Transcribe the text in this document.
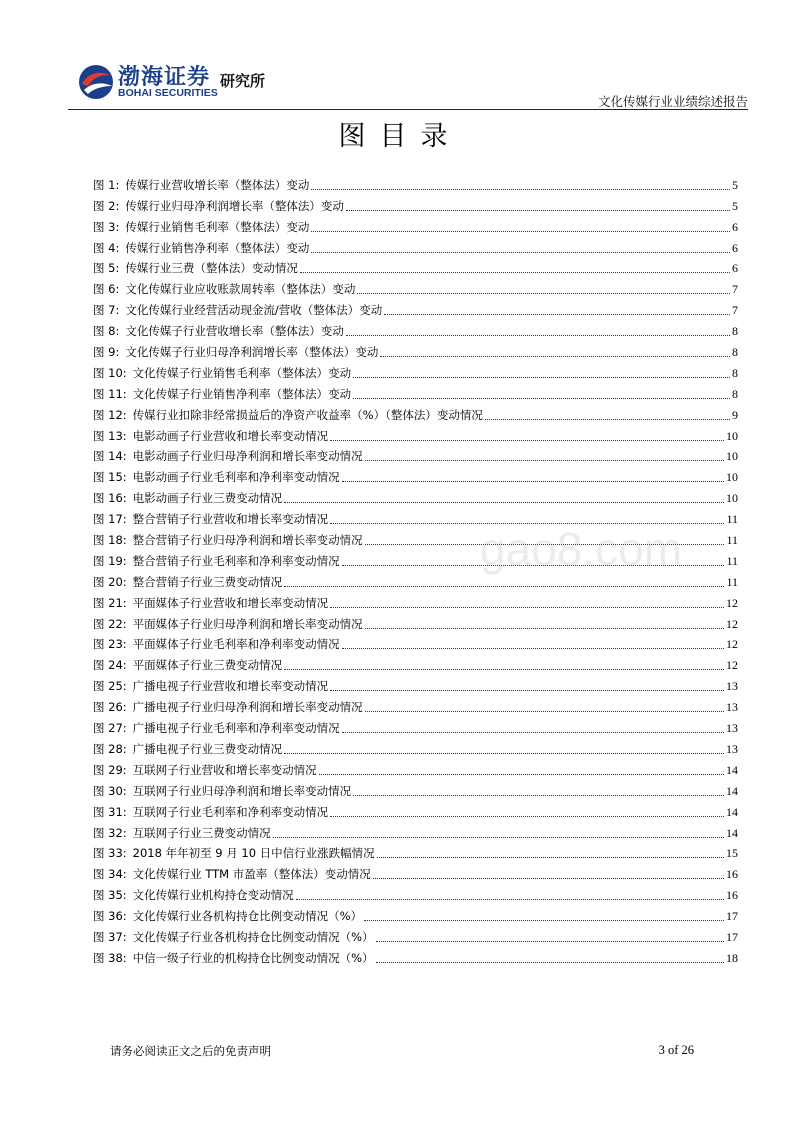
渤海证券
BOHAI SECURITIES
研究所
文化传媒行业业绩综述报告
图目录
图 1: 传媒行业营收增长率（整体法）变动	5
图 2: 传媒行业归母净利润增长率（整体法）变动	5
图 3: 传媒行业销售毛利率（整体法）变动	6
图 4: 传媒行业销售净利率（整体法）变动	6
图 5: 传媒行业三费（整体法）变动情况	6
图 6: 文化传媒行业应收账款周转率（整体法）变动	7
图 7: 文化传媒行业经营活动现金流/营收（整体法）变动	7
图 8: 文化传媒子行业营收增长率（整体法）变动	8
图 9: 文化传媒子行业归母净利润增长率（整体法）变动	8
图 10: 文化传媒子行业销售毛利率（整体法）变动	8
图 11: 文化传媒子行业销售净利率（整体法）变动	8
图 12: 传媒行业扣除非经常损益后的净资产收益率（%）（整体法）变动情况	9
图 13: 电影动画子行业营收和增长率变动情况	10
图 14: 电影动画子行业归母净利润和增长率变动情况	10
图 15: 电影动画子行业毛利率和净利率变动情况	10
图 16: 电影动画子行业三费变动情况	10
图 17: 整合营销子行业营收和增长率变动情况	11
图 18: 整合营销子行业归母净利润和增长率变动情况	11
图 19: 整合营销子行业毛利率和净利率变动情况	11
图 20: 整合营销子行业三费变动情况	11
图 21: 平面媒体子行业营收和增长率变动情况	12
图 22: 平面媒体子行业归母净利润和增长率变动情况	12
图 23: 平面媒体子行业毛利率和净利率变动情况	12
图 24: 平面媒体子行业三费变动情况	12
图 25: 广播电视子行业营收和增长率变动情况	13
图 26: 广播电视子行业归母净利润和增长率变动情况	13
图 27: 广播电视子行业毛利率和净利率变动情况	13
图 28: 广播电视子行业三费变动情况	13
图 29: 互联网子行业营收和增长率变动情况	14
图 30: 互联网子行业归母净利润和增长率变动情况	14
图 31: 互联网子行业毛利率和净利率变动情况	14
图 32: 互联网子行业三费变动情况	14
图 33: 2018 年年初至 9 月 10 日中信行业涨跌幅情况	15
图 34: 文化传媒行业 TTM 市盈率（整体法）变动情况	16
图 35: 文化传媒行业机构持仓变动情况	16
图 36: 文化传媒行业各机构持仓比例变动情况（%）	17
图 37: 文化传媒子行业各机构持仓比例变动情况（%）	17
图 38: 中信一级子行业的机构持仓比例变动情况（%）	18
gao8.com
请务必阅读正文之后的免责声明	3 of 26
